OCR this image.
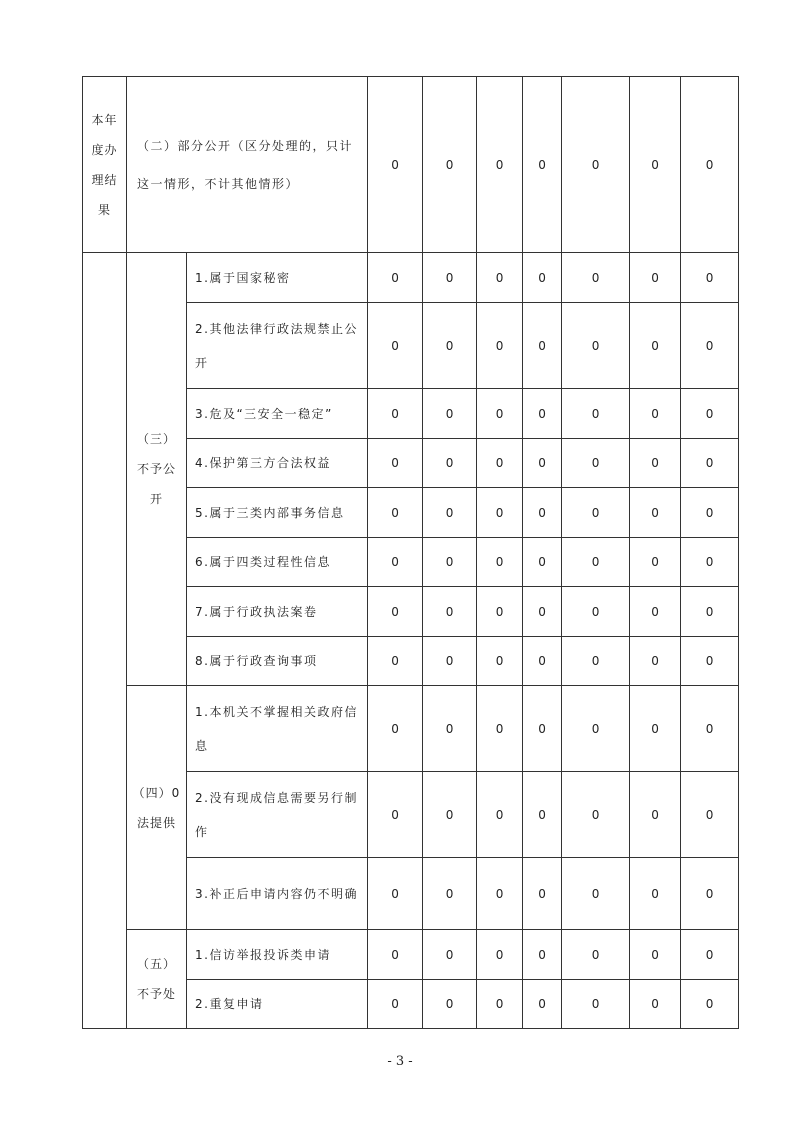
本年
度办
理结
果	（二）部分公开（区分处理的，只计这一情形，不计其他情形）		0	0	0	0	0	0	0

	（三）
不予公
开	1.属于国家秘密	0	0	0	0	0	0	0
		2.其他法律行政法规禁止公开	0	0	0	0	0	0	0
		3.危及“三安全一稳定”	0	0	0	0	0	0	0
		4.保护第三方合法权益	0	0	0	0	0	0	0
		5.属于三类内部事务信息	0	0	0	0	0	0	0
		6.属于四类过程性信息	0	0	0	0	0	0	0
		7.属于行政执法案卷	0	0	0	0	0	0	0
		8.属于行政查询事项	0	0	0	0	0	0	0

	（四）0
法提供	1.本机关不掌握相关政府信息	0	0	0	0	0	0	0
		2.没有现成信息需要另行制作	0	0	0	0	0	0	0
		3.补正后申请内容仍不明确	0	0	0	0	0	0	0

	（五）
不予处	1.信访举报投诉类申请	0	0	0	0	0	0	0
		2.重复申请	0	0	0	0	0	0	0
- 3 -
